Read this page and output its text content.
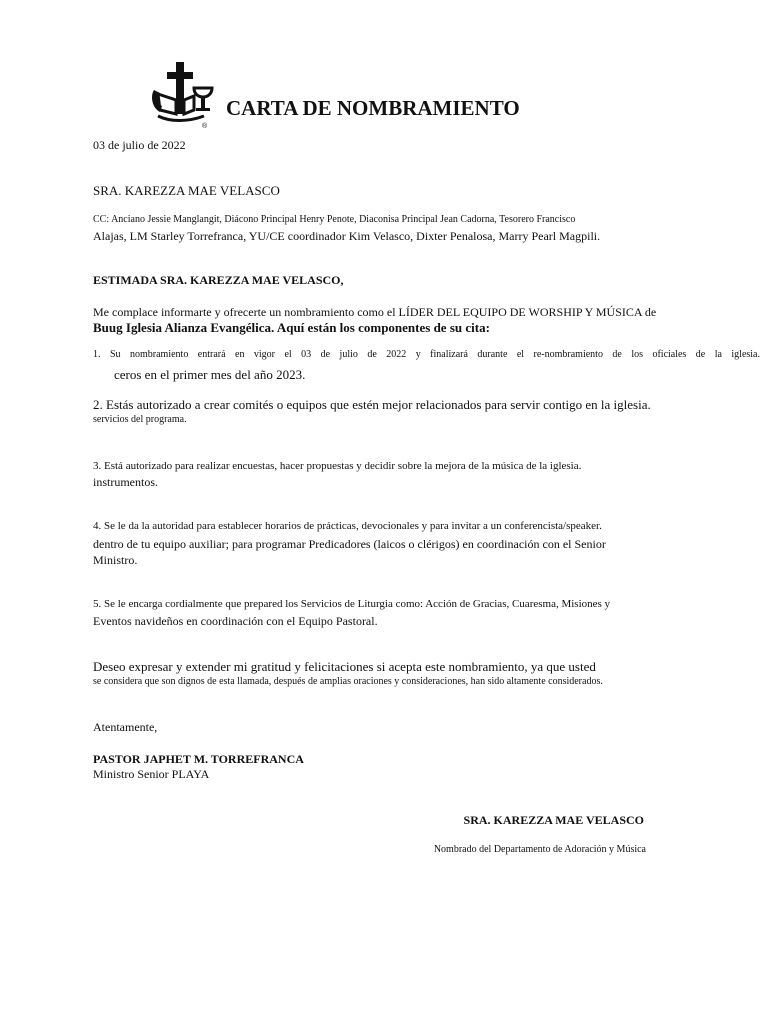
®
CARTA DE NOMBRAMIENTO
03 de julio de 2022
SRA. KAREZZA MAE VELASCO
CC: Anciano Jessie Manglangit, Diácono Principal Henry Penote, Diaconisa Principal Jean Cadorna, Tesorero Francisco
Alajas, LM Starley Torrefranca, YU/CE coordinador Kim Velasco, Dixter Penalosa, Marry Pearl Magpili.
ESTIMADA SRA. KAREZZA MAE VELASCO,
Me complace informarte y ofrecerte un nombramiento como el LÍDER DEL EQUIPO DE WORSHIP Y MÚSICA de
Buug Iglesia Alianza Evangélica. Aquí están los componentes de su cita:
1. Su nombramiento entrará en vigor el 03 de julio de 2022 y finalizará durante el re-nombramiento de los oficiales de la iglesia.
ceros en el primer mes del año 2023.
2. Estás autorizado a crear comités o equipos que estén mejor relacionados para servir contigo en la iglesia.
servicios del programa.
3. Está autorizado para realizar encuestas, hacer propuestas y decidir sobre la mejora de la música de la iglesia.
instrumentos.
4. Se le da la autoridad para establecer horarios de prácticas, devocionales y para invitar a un conferencista/speaker.
dentro de tu equipo auxiliar; para programar Predicadores (laicos o clérigos) en coordinación con el Senior
Ministro.
5. Se le encarga cordialmente que prepared los Servicios de Liturgia como: Acción de Gracias, Cuaresma, Misiones y
Eventos navideños en coordinación con el Equipo Pastoral.
Deseo expresar y extender mi gratitud y felicitaciones si acepta este nombramiento, ya que usted
se considera que son dignos de esta llamada, después de amplias oraciones y consideraciones, han sido altamente considerados.
Atentamente,
PASTOR JAPHET M. TORREFRANCA
Ministro Senior PLAYA
SRA. KAREZZA MAE VELASCO
Nombrado del Departamento de Adoración y Música
